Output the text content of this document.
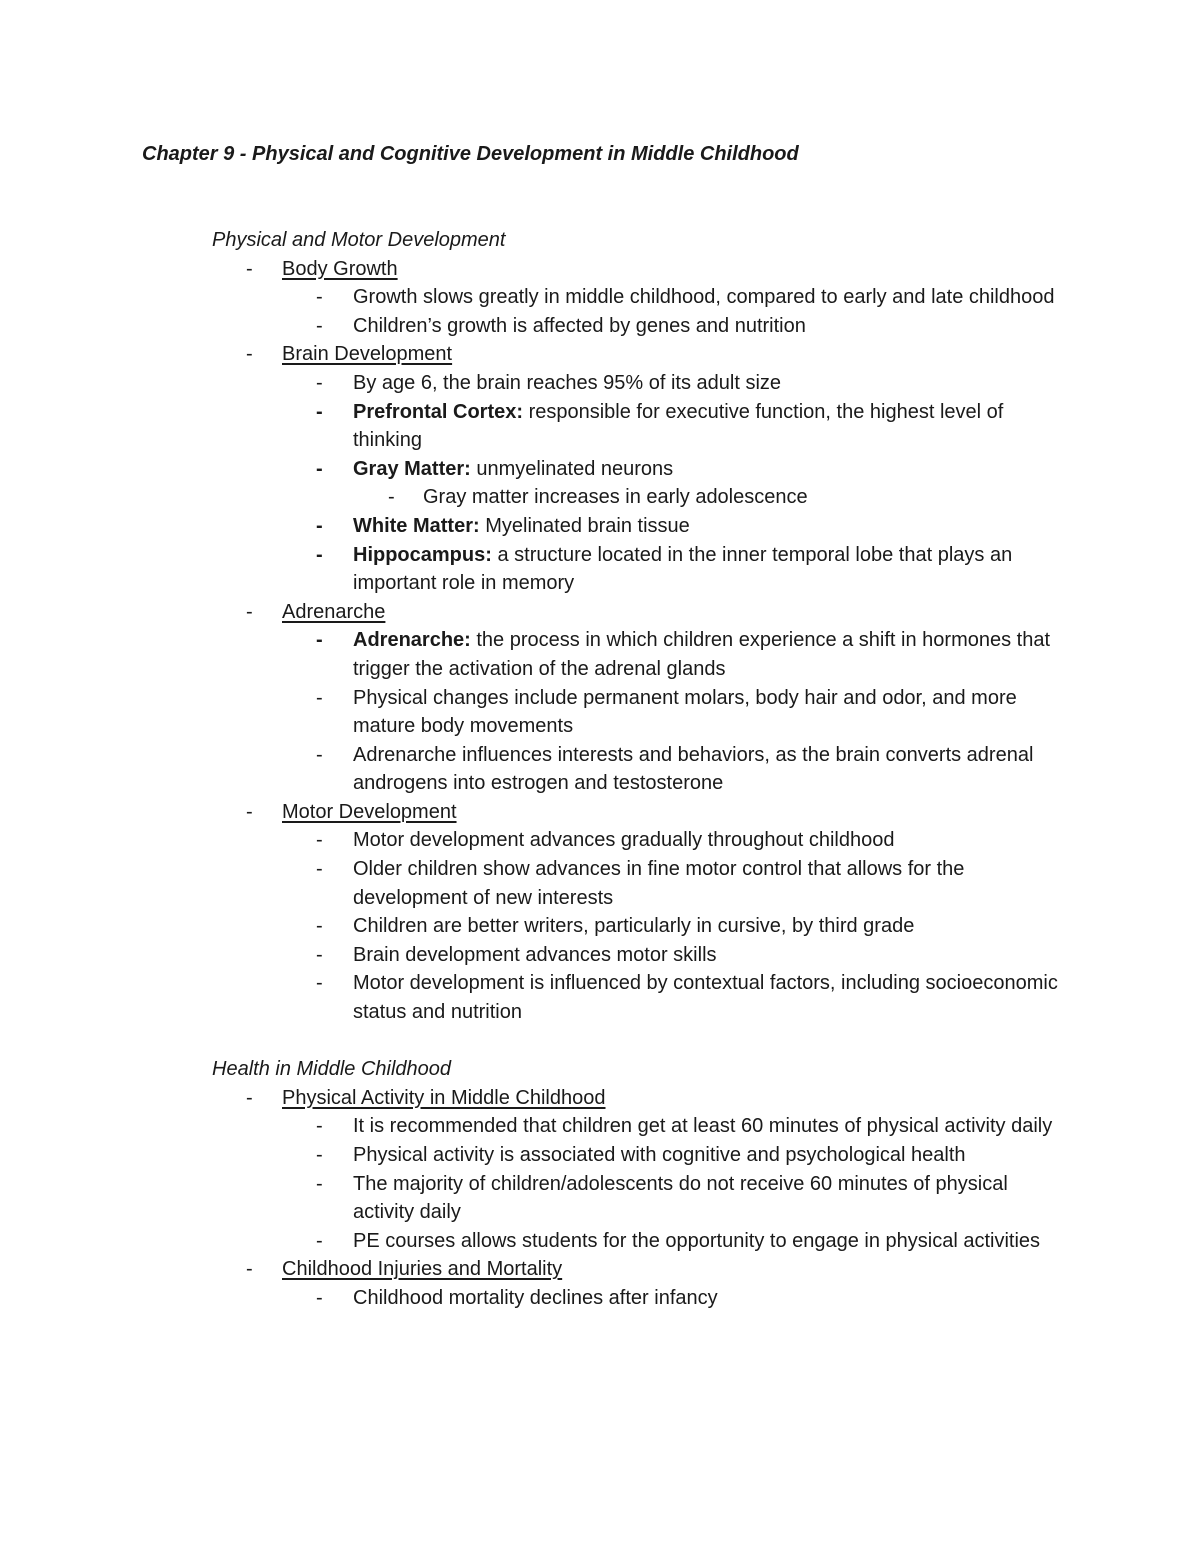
Chapter 9 - Physical and Cognitive Development in Middle Childhood
Physical and Motor Development
-	Body Growth
-	Growth slows greatly in middle childhood, compared to early and late childhood
-	Children’s growth is affected by genes and nutrition
-	Brain Development
-	By age 6, the brain reaches 95% of its adult size
-	Prefrontal Cortex: responsible for executive function, the highest level of thinking
-	Gray Matter: unmyelinated neurons
-	Gray matter increases in early adolescence
-	White Matter: Myelinated brain tissue
-	Hippocampus: a structure located in the inner temporal lobe that plays an important role in memory
-	Adrenarche
-	Adrenarche: the process in which children experience a shift in hormones that trigger the activation of the adrenal glands
-	Physical changes include permanent molars, body hair and odor, and more mature body movements
-	Adrenarche influences interests and behaviors, as the brain converts adrenal androgens into estrogen and testosterone
-	Motor Development
-	Motor development advances gradually throughout childhood
-	Older children show advances in fine motor control that allows for the development of new interests
-	Children are better writers, particularly in cursive, by third grade
-	Brain development advances motor skills
-	Motor development is influenced by contextual factors, including socioeconomic status and nutrition
Health in Middle Childhood
-	Physical Activity in Middle Childhood
-	It is recommended that children get at least 60 minutes of physical activity daily
-	Physical activity is associated with cognitive and psychological health
-	The majority of children/adolescents do not receive 60 minutes of physical activity daily
-	PE courses allows students for the opportunity to engage in physical activities
-	Childhood Injuries and Mortality
-	Childhood mortality declines after infancy
